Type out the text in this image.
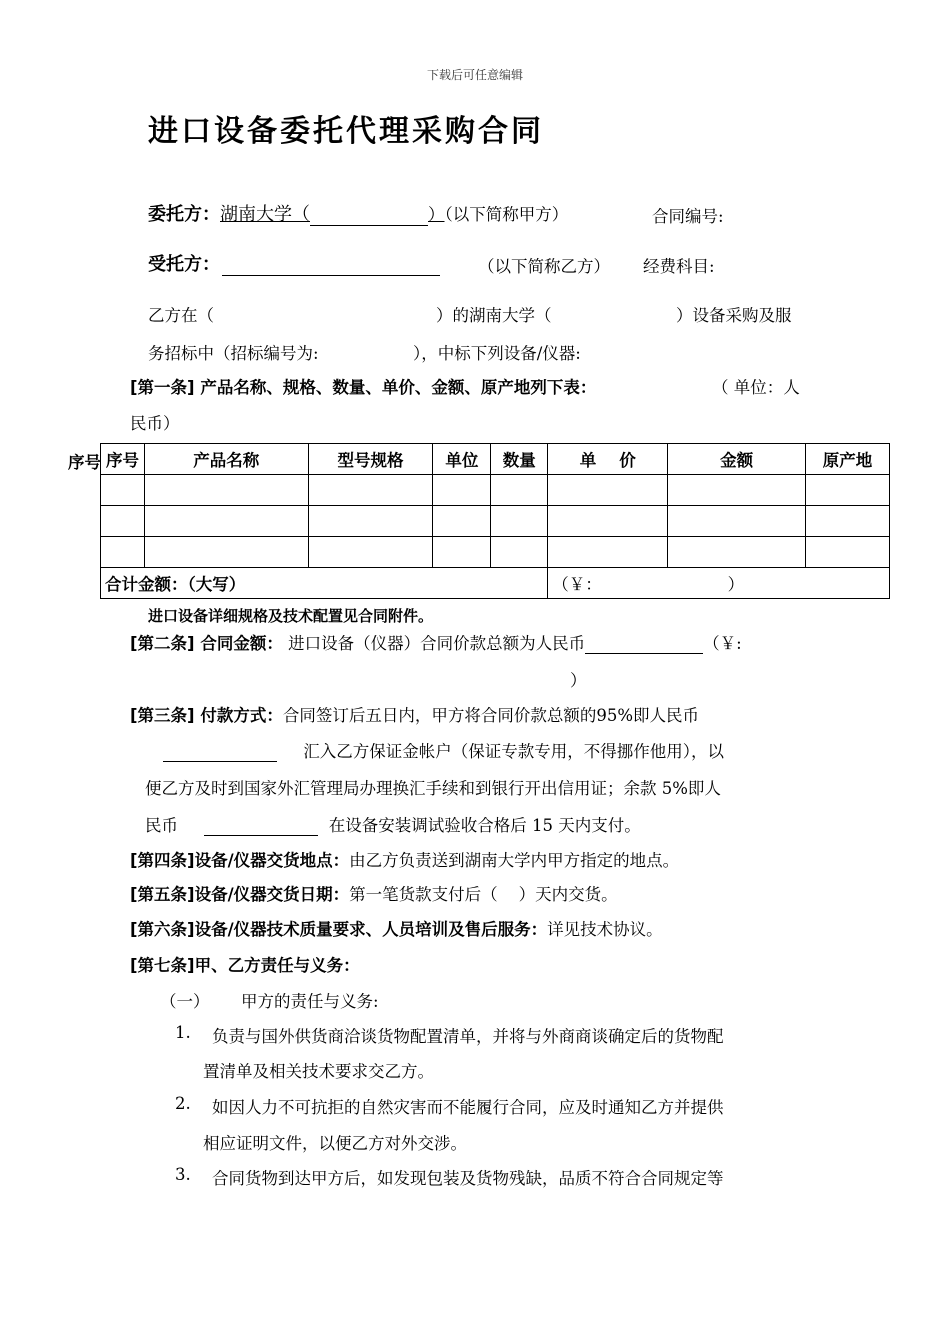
下载后可任意编辑
进口设备委托代理采购合同
委托方：湖南大学（	）（以下简称甲方）	合同编号:
受托方：	（以下简称乙方） 经费科目:
乙方在（	）的湖南大学（	）设备采购及服
务招标中（招标编号为:                  ），中标下列设备/仪器:
[第一条] 产品名称、规格、数量、单价、金额、原产地列下表：	（ 单位：人
民币）
序号 序号	产品名称	型号规格	单位	数量	单    价	金额	原产地

合计金额：（大写）					（￥：                        ）		
进口设备详细规格及技术配置见合同附件。
[第二条] 合同金额： 进口设备（仪器）合同价款总额为人民币	（￥:
）
[第三条] 付款方式：合同签订后五日内，甲方将合同价款总额的95%即人民币
汇入乙方保证金帐户（保证专款专用，不得挪作他用），以
便乙方及时到国家外汇管理局办理换汇手续和到银行开出信用证；余款 5%即人
民币	在设备安装调试验收合格后 15 天内支付。
[第四条]设备/仪器交货地点：由乙方负责送到湖南大学内甲方指定的地点。
[第五条]设备/仪器交货日期：第一笔货款支付后（    ）天内交货。
[第六条]设备/仪器技术质量要求、人员培训及售后服务：详见技术协议。
[第七条]甲、乙方责任与义务：
（一）      甲方的责任与义务:
1. 负责与国外供货商洽谈货物配置清单，并将与外商商谈确定后的货物配
置清单及相关技术要求交乙方。
2. 如因人力不可抗拒的自然灾害而不能履行合同，应及时通知乙方并提供
相应证明文件，以便乙方对外交涉。
3. 合同货物到达甲方后，如发现包装及货物残缺，品质不符合合同规定等
